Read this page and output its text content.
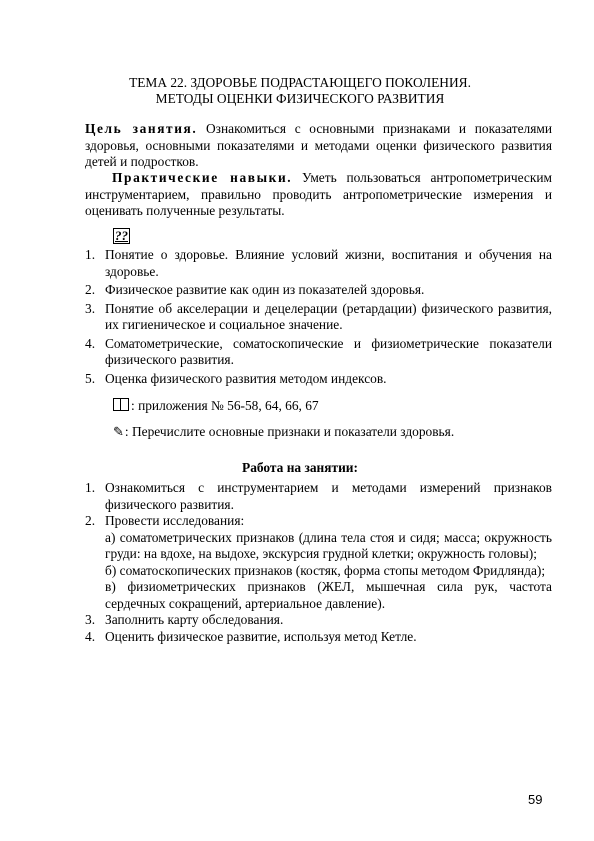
ТЕМА 22. ЗДОРОВЬЕ ПОДРАСТАЮЩЕГО ПОКОЛЕНИЯ.
МЕТОДЫ ОЦЕНКИ ФИЗИЧЕСКОГО РАЗВИТИЯ
Цель занятия. Ознакомиться с основными признаками и показателями здоровья, основными показателями и методами оценки физического развития детей и подростков.
Практические навыки. Уметь пользоваться антропометрическим инструментарием, правильно проводить антропометрические измерения и оценивать полученные результаты.
??
1. Понятие о здоровье. Влияние условий жизни, воспитания и обучения на здоровье.
2. Физическое развитие как один из показателей здоровья.
3. Понятие об акселерации и децелерации (ретардации) физического развития, их гигиеническое и социальное значение.
4. Соматометрические, соматоскопические и физиометрические показатели физического развития.
5. Оценка физического развития методом индексов.
: приложения № 56-58, 64, 66, 67
✎: Перечислите основные признаки и показатели здоровья.
Работа на занятии:
1. Ознакомиться с инструментарием и методами измерений признаков физического развития.
2. Провести исследования:

а) соматометрических признаков (длина тела стоя и сидя; масса; окружность груди: на вдохе, на выдохе, экскурсия грудной клетки; окружность головы);

б) соматоскопических признаков (костяк, форма стопы методом Фридлянда);

в) физиометрических признаков (ЖЕЛ, мышечная сила рук, частота сердечных сокращений, артериальное давление).

3. Заполнить карту обследования.
4. Оценить физическое развитие, используя метод Кетле.
59
